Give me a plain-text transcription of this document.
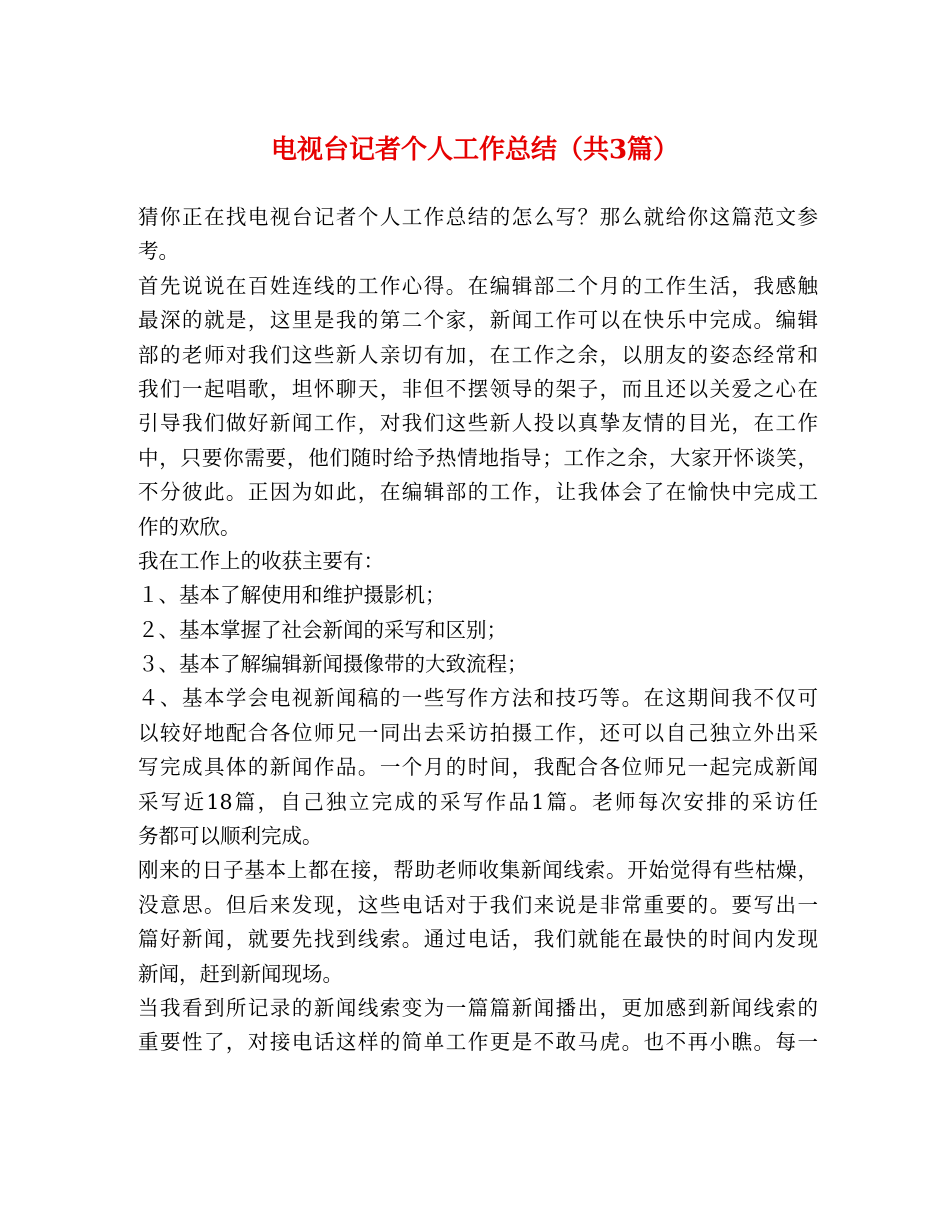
电视台记者个人工作总结（共3篇）
猜你正在找电视台记者个人工作总结的怎么写？那么就给你这篇范文参
考。
首先说说在百姓连线的工作心得。在编辑部二个月的工作生活，我感触
最深的就是，这里是我的第二个家，新闻工作可以在快乐中完成。编辑
部的老师对我们这些新人亲切有加，在工作之余，以朋友的姿态经常和
我们一起唱歌，坦怀聊天，非但不摆领导的架子，而且还以关爱之心在
引导我们做好新闻工作，对我们这些新人投以真挚友情的目光，在工作
中，只要你需要，他们随时给予热情地指导；工作之余，大家开怀谈笑，
不分彼此。正因为如此，在编辑部的工作，让我体会了在愉快中完成工
作的欢欣。
我在工作上的收获主要有：
１、基本了解使用和维护摄影机；
２、基本掌握了社会新闻的采写和区别；
３、基本了解编辑新闻摄像带的大致流程；
４、基本学会电视新闻稿的一些写作方法和技巧等。在这期间我不仅可
以较好地配合各位师兄一同出去采访拍摄工作，还可以自己独立外出采
写完成具体的新闻作品。一个月的时间，我配合各位师兄一起完成新闻
采写近18篇，自己独立完成的采写作品1篇。老师每次安排的采访任
务都可以顺利完成。
刚来的日子基本上都在接，帮助老师收集新闻线索。开始觉得有些枯燥，
没意思。但后来发现，这些电话对于我们来说是非常重要的。要写出一
篇好新闻，就要先找到线索。通过电话，我们就能在最快的时间内发现
新闻，赶到新闻现场。
当我看到所记录的新闻线索变为一篇篇新闻播出，更加感到新闻线索的
重要性了，对接电话这样的简单工作更是不敢马虎。也不再小瞧。每一
